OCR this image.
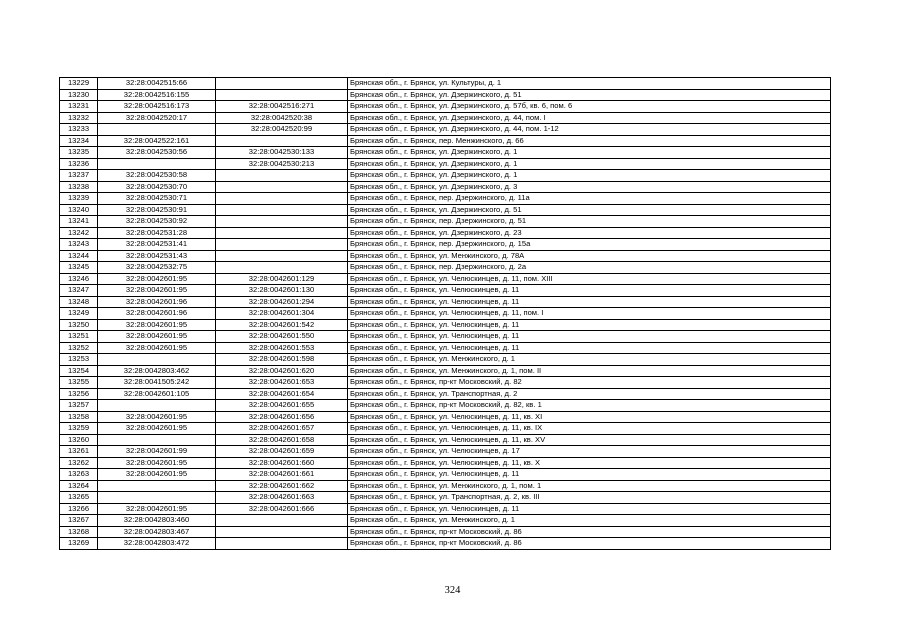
13229	32:28:0042515:66		Брянская обл., г. Брянск, ул. Культуры, д. 1
13230	32:28:0042516:155		Брянская обл., г. Брянск, ул. Дзержинского, д. 51
13231	32:28:0042516:173	32:28:0042516:271	Брянская обл., г. Брянск, ул. Дзержинского, д. 57б, кв. 6, пом. 6
13232	32:28:0042520:17	32:28:0042520:38	Брянская обл., г. Брянск, ул. Дзержинского, д. 44, пом. I
13233		32:28:0042520:99	Брянская обл., г. Брянск, ул. Дзержинского, д. 44, пом. 1-12
13234	32:28:0042522:161		Брянская обл., г. Брянск, пер. Менжинского, д. 66
13235	32:28:0042530:56	32:28:0042530:133	Брянская обл., г. Брянск, ул. Дзержинского, д. 1
13236		32:28:0042530:213	Брянская обл., г. Брянск, ул. Дзержинского, д. 1
13237	32:28:0042530:58		Брянская обл., г. Брянск, ул. Дзержинского, д. 1
13238	32:28:0042530:70		Брянская обл., г. Брянск, ул. Дзержинского, д. 3
13239	32:28:0042530:71		Брянская обл., г. Брянск, пер. Дзержинского, д. 11а
13240	32:28:0042530:91		Брянская обл., г. Брянск, ул. Дзержинского, д. 51
13241	32:28:0042530:92		Брянская обл., г. Брянск, пер. Дзержинского, д. 51
13242	32:28:0042531:28		Брянская обл., г. Брянск, ул. Дзержинского, д. 23
13243	32:28:0042531:41		Брянская обл., г. Брянск, пер. Дзержинского, д. 15а
13244	32:28:0042531:43		Брянская обл., г. Брянск, ул. Менжинского, д. 78А
13245	32:28:0042532:75		Брянская обл., г. Брянск, пер. Дзержинского, д. 2а
13246	32:28:0042601:95	32:28:0042601:129	Брянская обл., г. Брянск, ул. Челюскинцев, д. 11, пом. XIII
13247	32:28:0042601:95	32:28:0042601:130	Брянская обл., г. Брянск, ул. Челюскинцев, д. 11
13248	32:28:0042601:96	32:28:0042601:294	Брянская обл., г. Брянск, ул. Челюскинцев, д. 11
13249	32:28:0042601:96	32:28:0042601:304	Брянская обл., г. Брянск, ул. Челюскинцев, д. 11, пом. I
13250	32:28:0042601:95	32:28:0042601:542	Брянская обл., г. Брянск, ул. Челюскинцев, д. 11
13251	32:28:0042601:95	32:28:0042601:550	Брянская обл., г. Брянск, ул. Челюскинцев, д. 11
13252	32:28:0042601:95	32:28:0042601:553	Брянская обл., г. Брянск, ул. Челюскинцев, д. 11
13253		32:28:0042601:598	Брянская обл., г. Брянск, ул. Менжинского, д. 1
13254	32:28:0042803:462	32:28:0042601:620	Брянская обл., г. Брянск, ул. Менжинского, д. 1, пом. II
13255	32:28:0041505:242	32:28:0042601:653	Брянская обл., г. Брянск, пр-кт Московский, д. 82
13256	32:28:0042601:105	32:28:0042601:654	Брянская обл., г. Брянск, ул. Транспортная, д. 2
13257		32:28:0042601:655	Брянская обл., г. Брянск, пр-кт Московский, д. 82, кв. 1
13258	32:28:0042601:95	32:28:0042601:656	Брянская обл., г. Брянск, ул. Челюскинцев, д. 11, кв. XI
13259	32:28:0042601:95	32:28:0042601:657	Брянская обл., г. Брянск, ул. Челюскинцев, д. 11, кв. IX
13260		32:28:0042601:658	Брянская обл., г. Брянск, ул. Челюскинцев, д. 11, кв. XV
13261	32:28:0042601:99	32:28:0042601:659	Брянская обл., г. Брянск, ул. Челюскинцев, д. 17
13262	32:28:0042601:95	32:28:0042601:660	Брянская обл., г. Брянск, ул. Челюскинцев, д. 11, кв. X
13263	32:28:0042601:95	32:28:0042601:661	Брянская обл., г. Брянск, ул. Челюскинцев, д. 11
13264		32:28:0042601:662	Брянская обл., г. Брянск, ул. Менжинского, д. 1, пом. 1
13265		32:28:0042601:663	Брянская обл., г. Брянск, ул. Транспортная, д. 2, кв. III
13266	32:28:0042601:95	32:28:0042601:666	Брянская обл., г. Брянск, ул. Челюскинцев, д. 11
13267	32:28:0042803:460		Брянская обл., г. Брянск, ул. Менжинского, д. 1
13268	32:28:0042803:467		Брянская обл., г. Брянск, пр-кт Московский, д. 86
13269	32:28:0042803:472		Брянская обл., г. Брянск, пр-кт Московский, д. 86
324
